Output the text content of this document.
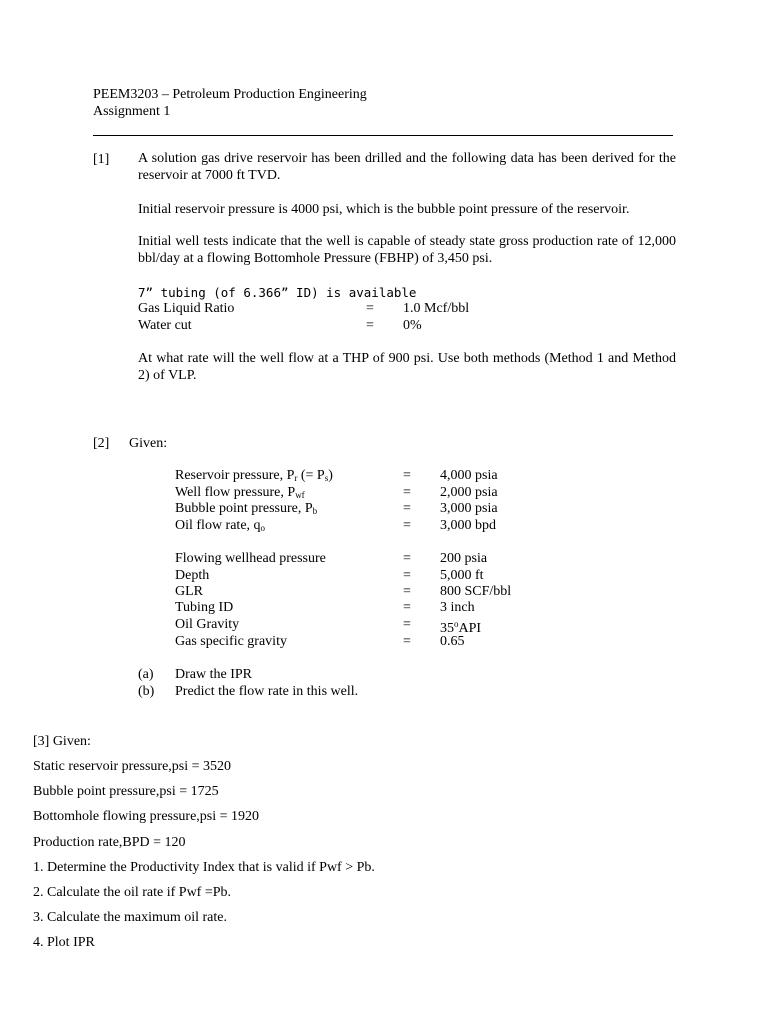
PEEM3203 – Petroleum Production Engineering
Assignment 1
[1] A solution gas drive reservoir has been drilled and the following data has been derived for the reservoir at 7000 ft TVD.
Initial reservoir pressure is 4000 psi, which is the bubble point pressure of the reservoir.
Initial well tests indicate that the well is capable of steady state gross production rate of 12,000 bbl/day at a flowing Bottomhole Pressure (FBHP) of 3,450 psi.
7” tubing (of 6.366” ID) is available
Gas Liquid Ratio	= 1.0 Mcf/bbl
Water cut	= 0%
At what rate will the well flow at a THP of 900 psi. Use both methods (Method 1 and Method 2) of VLP.
[2] Given:
Reservoir pressure, $P_r$ (= $P_s$)	= 4,000 psia
Well flow pressure, $P_{wf}$	= 2,000 psia
Bubble point pressure, $P_b$	= 3,000 psia
Oil flow rate, $q_o$	= 3,000 bpd
Flowing wellhead pressure	= 200 psia
Depth	= 5,000 ft
GLR	= 800 SCF/bbl
Tubing ID	= 3 inch
Oil Gravity	= $35^oAPI$
Gas specific gravity	= 0.65
(a) Draw the IPR
(b) Predict the flow rate in this well.
[3] Given:
Static reservoir pressure,psi = 3520
Bubble point pressure,psi = 1725
Bottomhole flowing pressure,psi = 1920
Production rate,BPD = 120
1. Determine the Productivity Index that is valid if Pwf > Pb.
2. Calculate the oil rate if Pwf =Pb.
3. Calculate the maximum oil rate.
4. Plot IPR
